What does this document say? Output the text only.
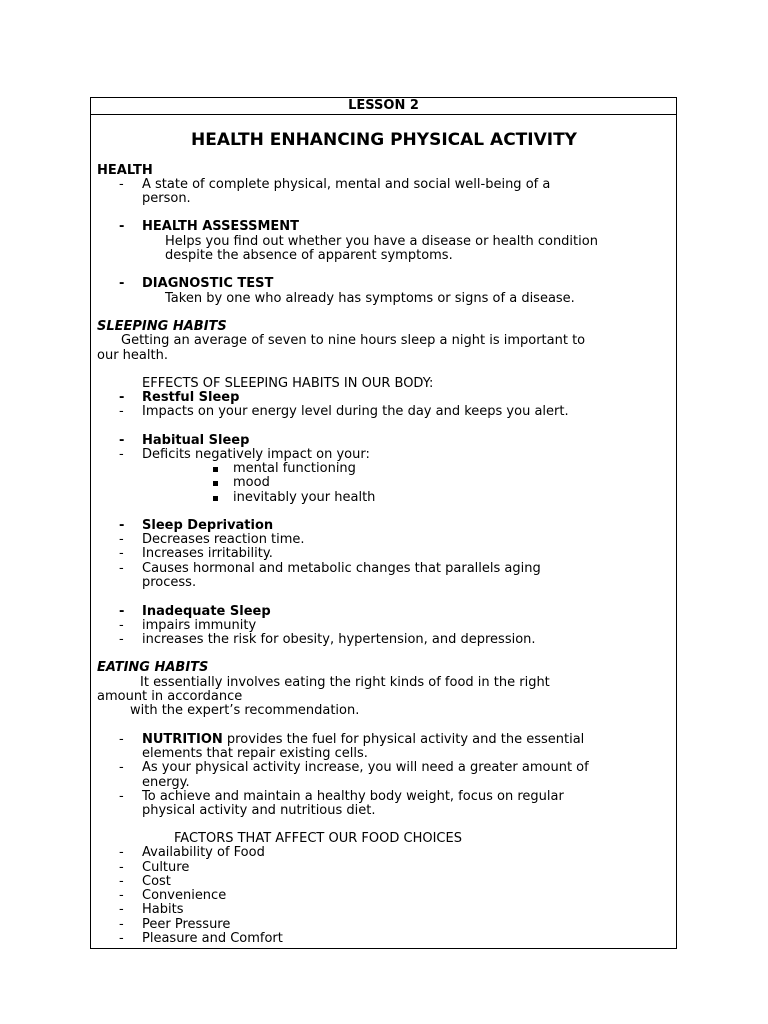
LESSON 2
HEALTH ENHANCING PHYSICAL ACTIVITY
HEALTH
- A state of complete physical, mental and social well-being of a
person.
- HEALTH ASSESSMENT
Helps you find out whether you have a disease or health condition
despite the absence of apparent symptoms.
- DIAGNOSTIC TEST
Taken by one who already has symptoms or signs of a disease.
SLEEPING HABITS
Getting an average of seven to nine hours sleep a night is important to
our health.
EFFECTS OF SLEEPING HABITS IN OUR BODY:
- Restful Sleep
- Impacts on your energy level during the day and keeps you alert.
- Habitual Sleep
- Deficits negatively impact on your:
mental functioning
mood
inevitably your health
- Sleep Deprivation
- Decreases reaction time.
- Increases irritability.
- Causes hormonal and metabolic changes that parallels aging
process.
- Inadequate Sleep
- impairs immunity
- increases the risk for obesity, hypertension, and depression.
EATING HABITS
It essentially involves eating the right kinds of food in the right
amount in accordance
with the expert’s recommendation.
- NUTRITION provides the fuel for physical activity and the essential
elements that repair existing cells.
- As your physical activity increase, you will need a greater amount of
energy.
- To achieve and maintain a healthy body weight, focus on regular
physical activity and nutritious diet.
FACTORS THAT AFFECT OUR FOOD CHOICES
- Availability of Food
- Culture
- Cost
- Convenience
- Habits
- Peer Pressure
- Pleasure and Comfort
